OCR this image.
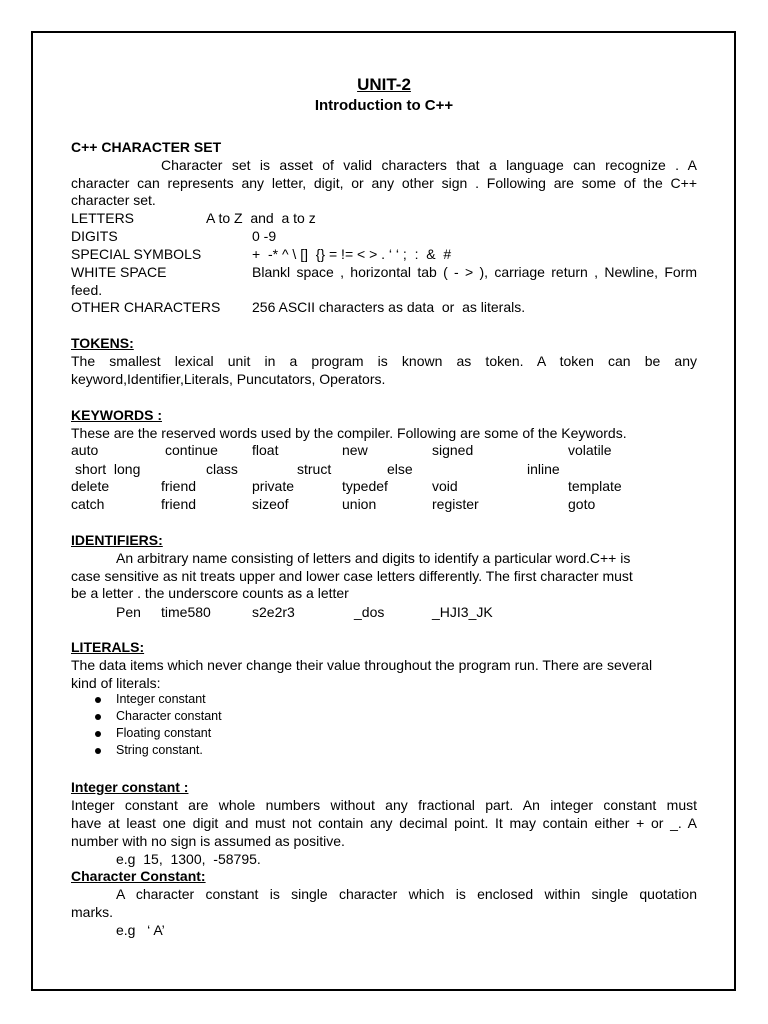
UNIT-2
Introduction to C++
C++ CHARACTER SET
Character set is asset of valid characters that a language can recognize . A
character can represents any letter, digit, or any other sign . Following are some of the C++
character set.
LETTERS	A to Z  and  a to z
DIGITS	0 -9
SPECIAL SYMBOLS	+  -* ^ \ []  {} = != < > . ‘ ‘ ;  :  &  #
WHITE SPACE	Blankl space , horizontal tab ( - > ), carriage return , Newline, Form
feed.
OTHER CHARACTERS 256 ASCII characters as data  or  as literals.
TOKENS:
The smallest lexical unit in a program is known as token. A token can be any
keyword,Identifier,Literals, Puncutators, Operators.
KEYWORDS :
These are the reserved words used by the compiler. Following are some of the Keywords.
auto	continue float	new	signed	volatile
short  long	class	struct	else	inline
delete	friend	private	typedef	void	template
catch	friend	sizeof	union	register	goto
IDENTIFIERS:
An arbitrary name consisting of letters and digits to identify a particular word.C++ is
case sensitive as nit treats upper and lower case letters differently. The first character must
be a letter . the underscore counts as a letter
Pen time580	s2e2r3	_dos	_HJI3_JK
LITERALS:
The data items which never change their value throughout the program run. There are several
kind of literals:
Integer constant
Character constant
Floating constant
String constant.
Integer constant :
Integer constant are whole numbers without any fractional part. An integer constant must
have at least one digit and must not contain any decimal point. It may contain either + or _. A
number with no sign is assumed as positive.
e.g  15,  1300,  -58795.
Character Constant:
A character constant is single character which is enclosed within single quotation
marks.
e.g   ‘ A’
